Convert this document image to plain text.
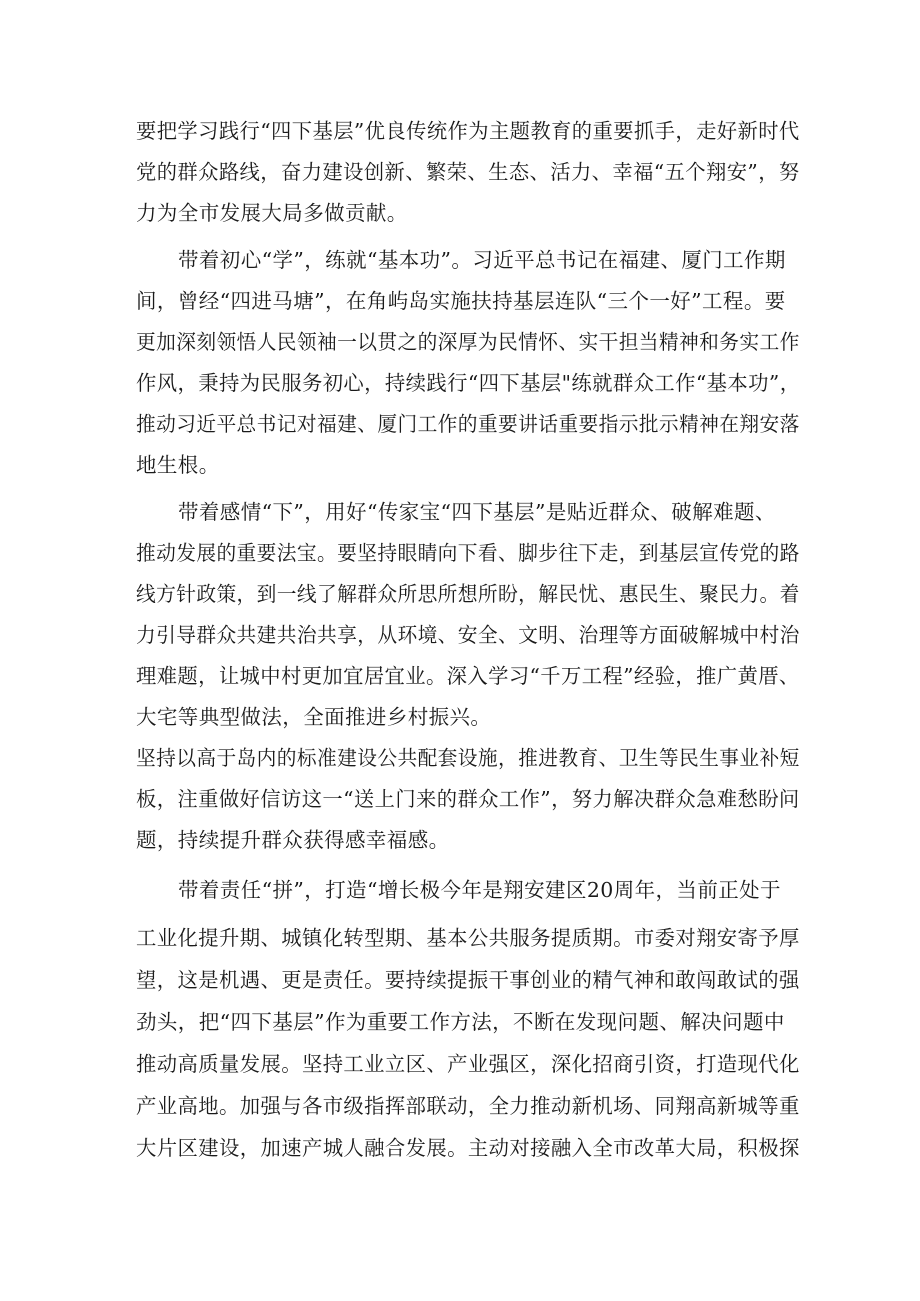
要把学习践行“四下基层”优良传统作为主题教育的重要抓手，走好新时代
党的群众路线，奋力建设创新、繁荣、生态、活力、幸福“五个翔安”，努
力为全市发展大局多做贡献。
带着初心“学”，练就“基本功”。习近平总书记在福建、厦门工作期
间，曾经“四进马塘”，在角屿岛实施扶持基层连队“三个一好”工程。要
更加深刻领悟人民领袖一以贯之的深厚为民情怀、实干担当精神和务实工作
作风，秉持为民服务初心，持续践行“四下基层"练就群众工作“基本功”，
推动习近平总书记对福建、厦门工作的重要讲话重要指示批示精神在翔安落
地生根。
带着感情“下”，用好“传家宝“四下基层”是贴近群众、破解难题、
推动发展的重要法宝。要坚持眼睛向下看、脚步往下走，到基层宣传党的路
线方针政策，到一线了解群众所思所想所盼，解民忧、惠民生、聚民力。着
力引导群众共建共治共享，从环境、安全、文明、治理等方面破解城中村治
理难题，让城中村更加宜居宜业。深入学习“千万工程”经验，推广黄厝、
大宅等典型做法，全面推进乡村振兴。
坚持以高于岛内的标准建设公共配套设施，推进教育、卫生等民生事业补短
板，注重做好信访这一“送上门来的群众工作”，努力解决群众急难愁盼问
题，持续提升群众获得感幸福感。
带着责任“拼”，打造“增长极今年是翔安建区20周年，当前正处于
工业化提升期、城镇化转型期、基本公共服务提质期。市委对翔安寄予厚
望，这是机遇、更是责任。要持续提振干事创业的精气神和敢闯敢试的强
劲头，把“四下基层”作为重要工作方法，不断在发现问题、解决问题中
推动高质量发展。坚持工业立区、产业强区，深化招商引资，打造现代化
产业高地。加强与各市级指挥部联动，全力推动新机场、同翔高新城等重
大片区建设，加速产城人融合发展。主动对接融入全市改革大局，积极探
